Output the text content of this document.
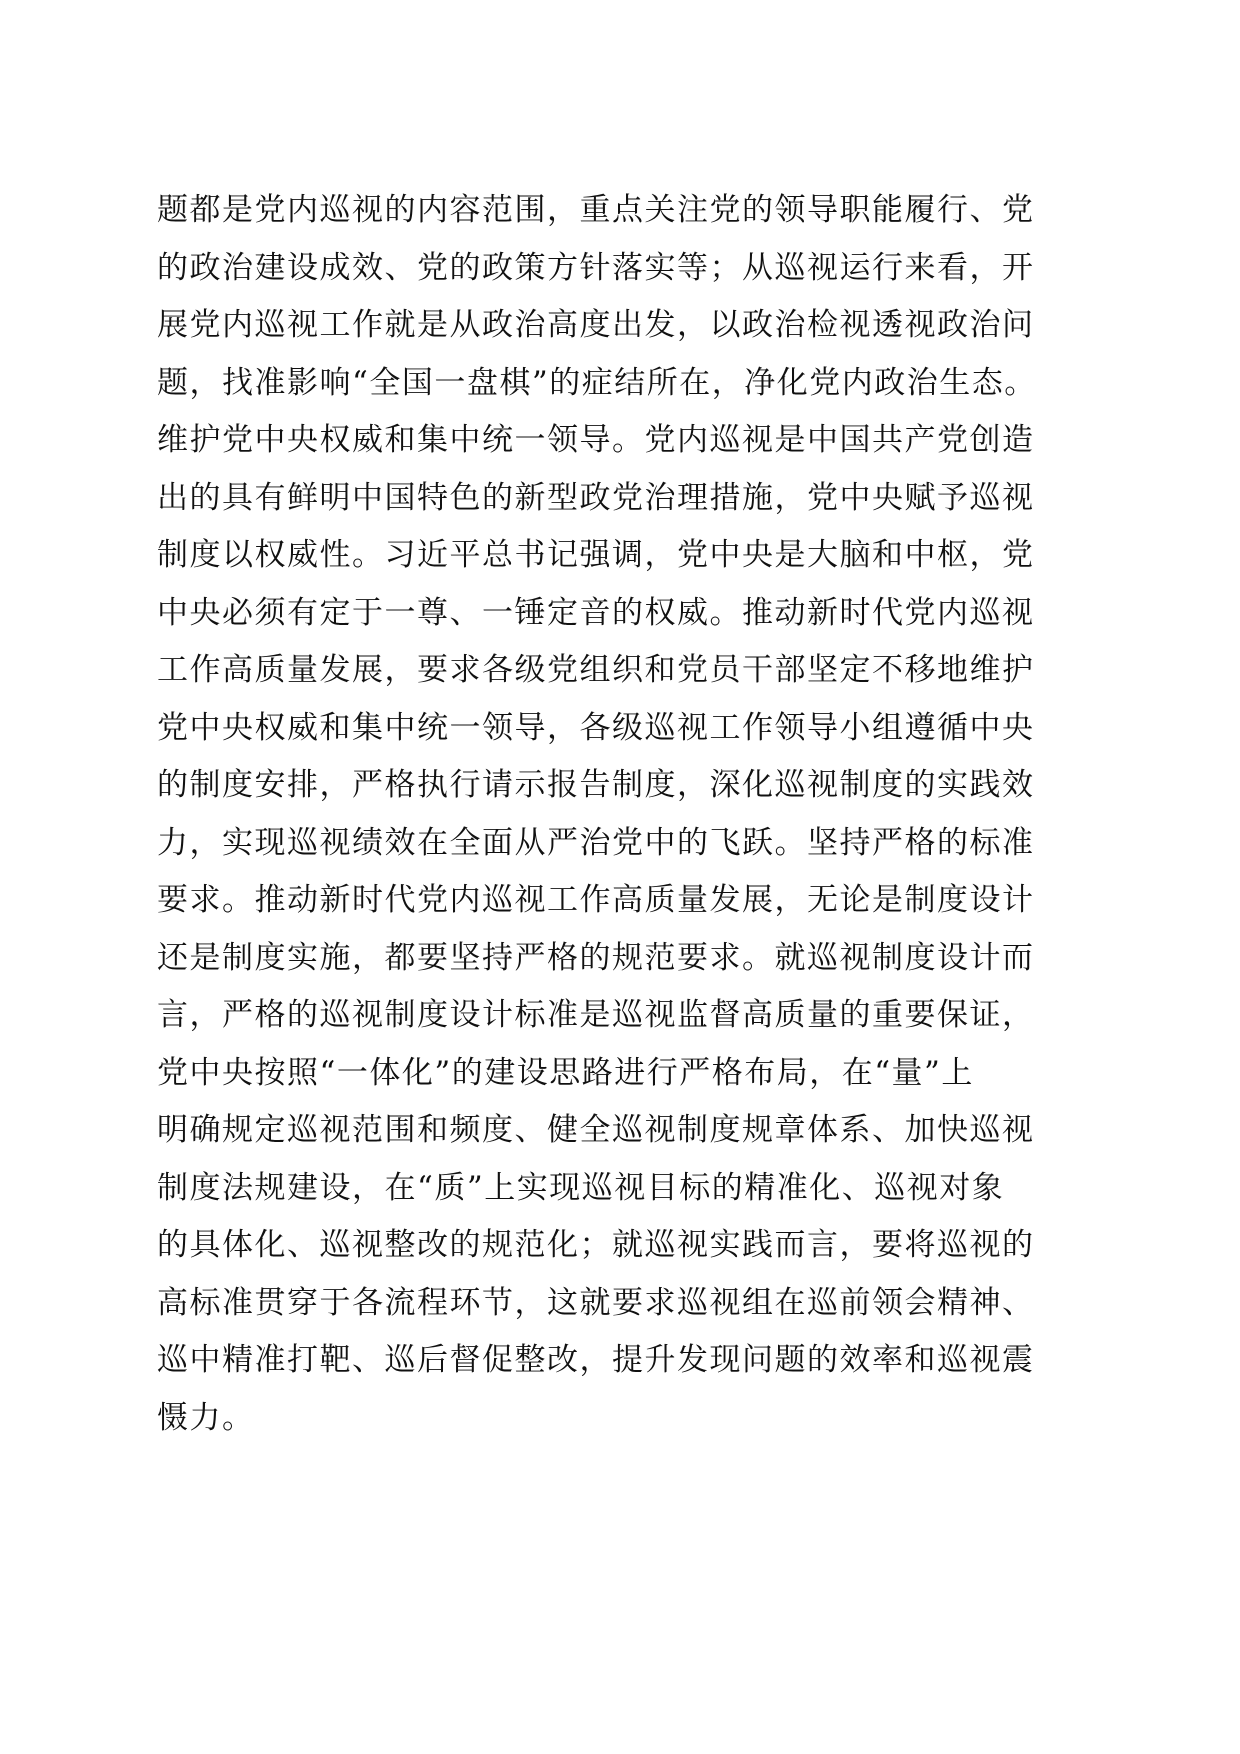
题都是党内巡视的内容范围，重点关注党的领导职能履行、党
的政治建设成效、党的政策方针落实等；从巡视运行来看，开
展党内巡视工作就是从政治高度出发，以政治检视透视政治问
题，找准影响“全国一盘棋”的症结所在，净化党内政治生态。
维护党中央权威和集中统一领导。党内巡视是中国共产党创造
出的具有鲜明中国特色的新型政党治理措施，党中央赋予巡视
制度以权威性。习近平总书记强调，党中央是大脑和中枢，党
中央必须有定于一尊、一锤定音的权威。推动新时代党内巡视
工作高质量发展，要求各级党组织和党员干部坚定不移地维护
党中央权威和集中统一领导，各级巡视工作领导小组遵循中央
的制度安排，严格执行请示报告制度，深化巡视制度的实践效
力，实现巡视绩效在全面从严治党中的飞跃。坚持严格的标准
要求。推动新时代党内巡视工作高质量发展，无论是制度设计
还是制度实施，都要坚持严格的规范要求。就巡视制度设计而
言，严格的巡视制度设计标准是巡视监督高质量的重要保证，
党中央按照“一体化”的建设思路进行严格布局，在“量”上
明确规定巡视范围和频度、健全巡视制度规章体系、加快巡视
制度法规建设，在“质”上实现巡视目标的精准化、巡视对象
的具体化、巡视整改的规范化；就巡视实践而言，要将巡视的
高标准贯穿于各流程环节，这就要求巡视组在巡前领会精神、
巡中精准打靶、巡后督促整改，提升发现问题的效率和巡视震
慑力。
